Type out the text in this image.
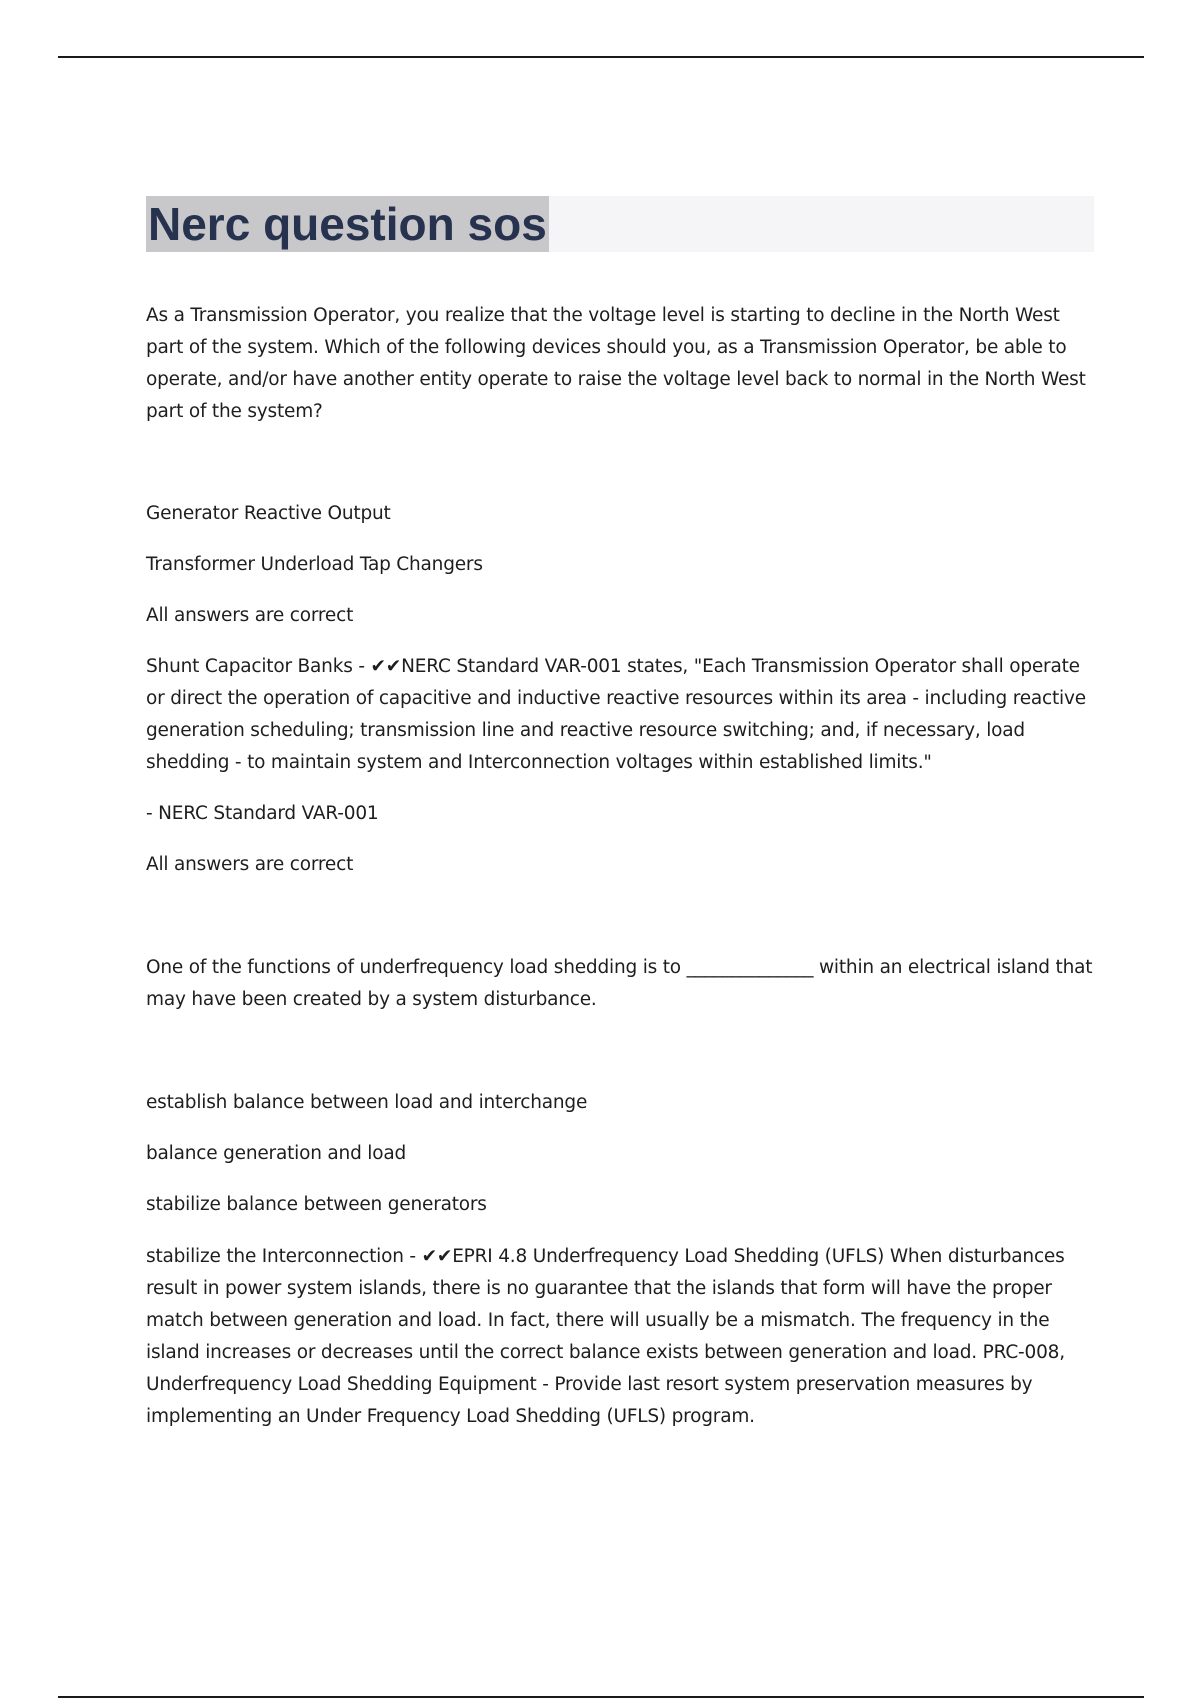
Nerc question sos

As a Transmission Operator, you realize that the voltage level is starting to decline in the North West part of the system. Which of the following devices should you, as a Transmission Operator, be able to operate, and/or have another entity operate to raise the voltage level back to normal in the North West part of the system?

Generator Reactive Output

Transformer Underload Tap Changers

All answers are correct

Shunt Capacitor Banks - ✔✔NERC Standard VAR-001 states, "Each Transmission Operator shall operate or direct the operation of capacitive and inductive reactive resources within its area - including reactive generation scheduling; transmission line and reactive resource switching; and, if necessary, load shedding - to maintain system and Interconnection voltages within established limits."

- NERC Standard VAR-001

All answers are correct

One of the functions of underfrequency load shedding is to ______________ within an electrical island that may have been created by a system disturbance.

establish balance between load and interchange

balance generation and load

stabilize balance between generators

stabilize the Interconnection - ✔✔EPRI 4.8 Underfrequency Load Shedding (UFLS) When disturbances result in power system islands, there is no guarantee that the islands that form will have the proper match between generation and load. In fact, there will usually be a mismatch. The frequency in the island increases or decreases until the correct balance exists between generation and load. PRC-008, Underfrequency Load Shedding Equipment - Provide last resort system preservation measures by implementing an Under Frequency Load Shedding (UFLS) program.
